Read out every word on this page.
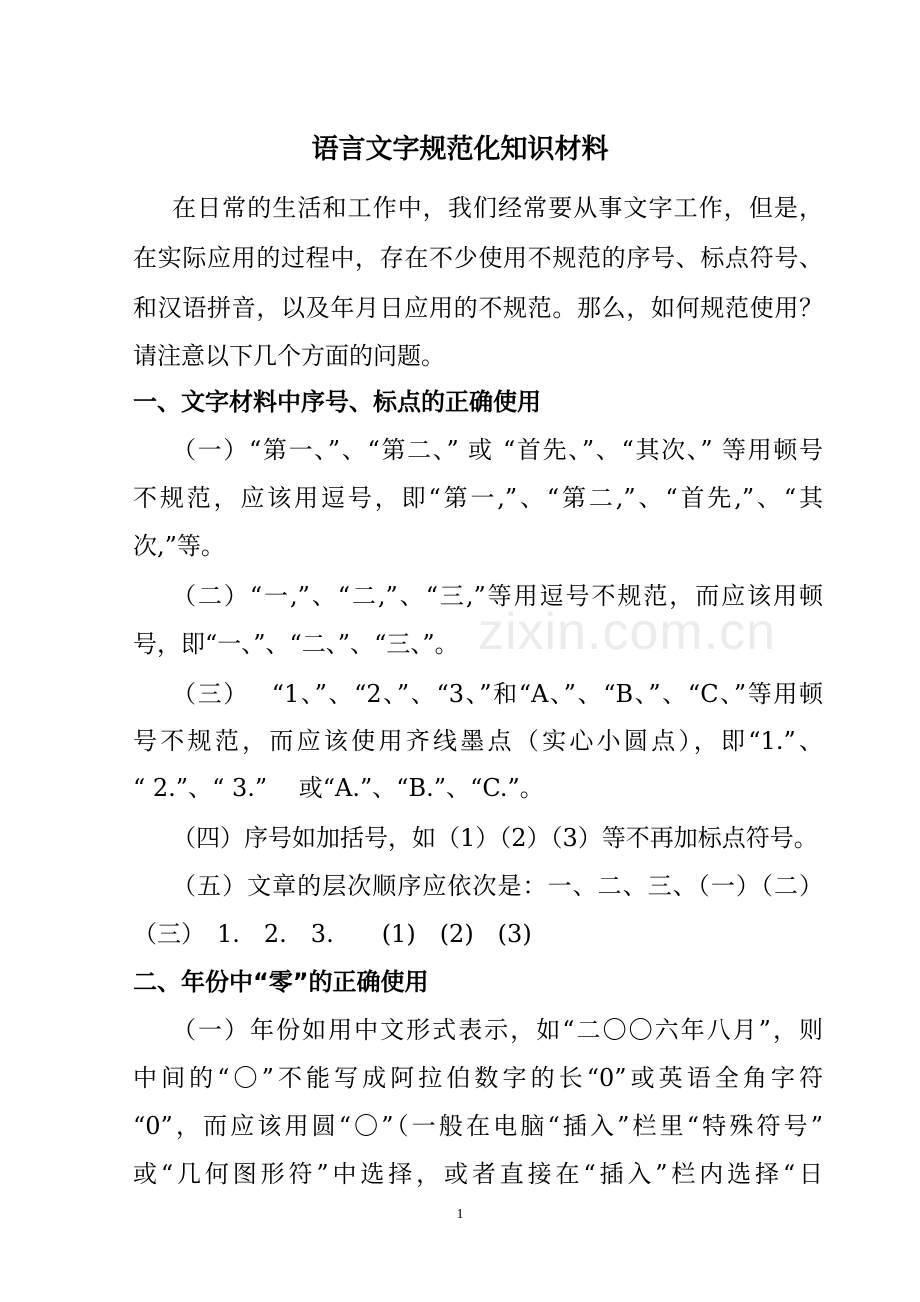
语言文字规范化知识材料
在日常的生活和工作中，我们经常要从事文字工作，但是，
在实际应用的过程中，存在不少使用不规范的序号、标点符号、
和汉语拼音，以及年月日应用的不规范。那么，如何规范使用？
请注意以下几个方面的问题。
一、文字材料中序号、标点的正确使用
（一）“第一、”、“第二、” 或 “首先、”、“其次、” 等用顿号
不规范，应该用逗号，即“第一,”、“第二,”、“首先,”、“其
次,”等。
（二）“一,”、“二,”、“三,”等用逗号不规范，而应该用顿
号，即“一、”、“二、”、“三、”。
（三）　 “1、”、“2、”、“3、”和“A、”、“B、”、“C、”等用顿
号不规范，而应该使用齐线墨点（实心小圆点），即“1.”、
“ 2.”、“ 3.”　 或“A.”、“B.”、“C.”。
（四）序号如加括号，如（1）（2）（3）等不再加标点符号。
（五）文章的层次顺序应依次是：一、二、三、（一）（二）
（三）　1.　2.　3.　　(1)　(2)　(3)
二、年份中“零”的正确使用
（一）年份如用中文形式表示，如“二〇〇六年八月”，则
中间的“〇”不能写成阿拉伯数字的长“0”或英语全角字符
“0”，而应该用圆“〇”（一般在电脑“插入”栏里“特殊符号”
或“几何图形符”中选择，或者直接在“插入”栏内选择“日
zixin.com.cn
1
